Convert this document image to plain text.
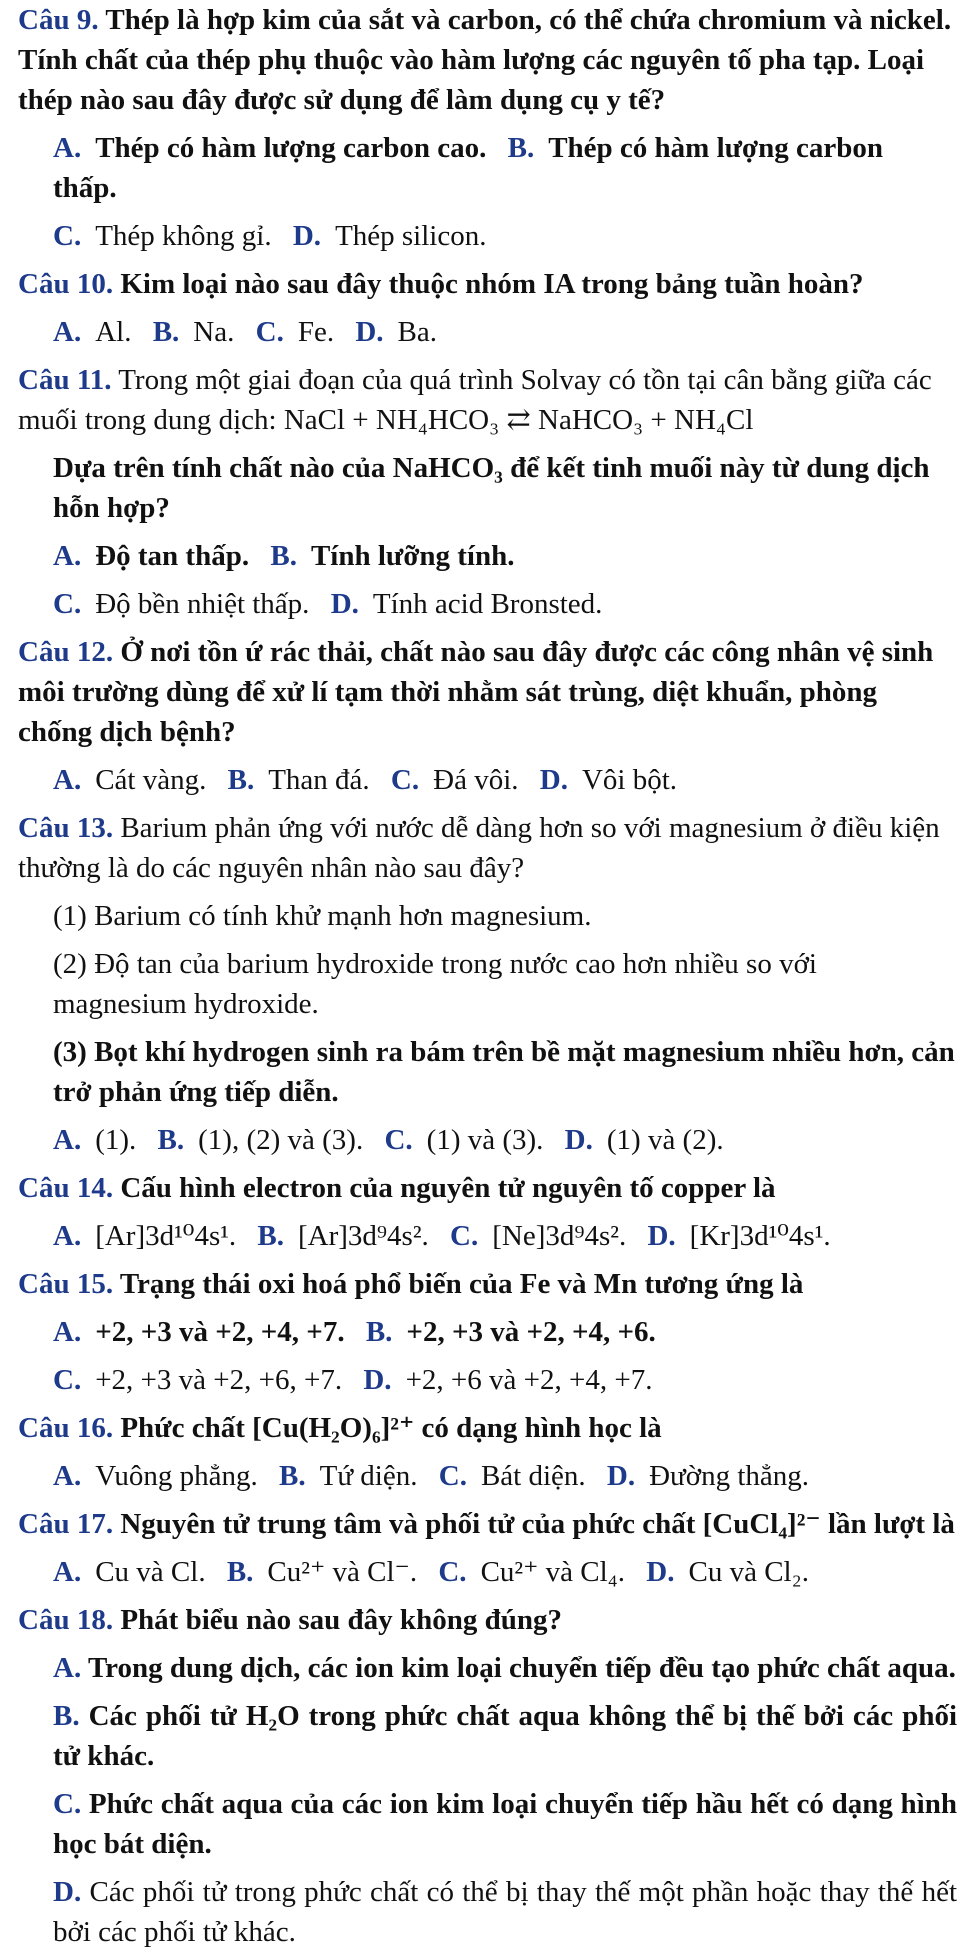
Câu 9. Thép là hợp kim của sắt và carbon, có thể chứa chromium và nickel. Tính chất của thép phụ thuộc vào hàm lượng các nguyên tố pha tạp. Loại thép nào sau đây được sử dụng để làm dụng cụ y tế?
A. Thép có hàm lượng carbon cao. B. Thép có hàm lượng carbon thấp.
C. Thép không gỉ. D. Thép silicon.
Câu 10. Kim loại nào sau đây thuộc nhóm IA trong bảng tuần hoàn?
A. Al. B. Na. C. Fe. D. Ba.
Câu 11. Trong một giai đoạn của quá trình Solvay có tồn tại cân bằng giữa các muối trong dung dịch: NaCl + NH₄HCO₃ ⇄ NaHCO₃ + NH₄Cl
Dựa trên tính chất nào của NaHCO₃ để kết tinh muối này từ dung dịch hỗn hợp?
A. Độ tan thấp. B. Tính lưỡng tính.
C. Độ bền nhiệt thấp. D. Tính acid Bronsted.
Câu 12. Ở nơi tồn ứ rác thải, chất nào sau đây được các công nhân vệ sinh môi trường dùng để xử lí tạm thời nhằm sát trùng, diệt khuẩn, phòng chống dịch bệnh?
A. Cát vàng. B. Than đá. C. Đá vôi. D. Vôi bột.
Câu 13. Barium phản ứng với nước dễ dàng hơn so với magnesium ở điều kiện thường là do các nguyên nhân nào sau đây?
(1) Barium có tính khử mạnh hơn magnesium.
(2) Độ tan của barium hydroxide trong nước cao hơn nhiều so với magnesium hydroxide.
(3) Bọt khí hydrogen sinh ra bám trên bề mặt magnesium nhiều hơn, cản trở phản ứng tiếp diễn.
A. (1). B. (1), (2) và (3). C. (1) và (3). D. (1) và (2).
Câu 14. Cấu hình electron của nguyên tử nguyên tố copper là
A. [Ar]3d¹⁰4s¹. B. [Ar]3d⁹4s². C. [Ne]3d⁹4s². D. [Kr]3d¹⁰4s¹.
Câu 15. Trạng thái oxi hoá phổ biến của Fe và Mn tương ứng là
A. +2, +3 và +2, +4, +7. B. +2, +3 và +2, +4, +6.
C. +2, +3 và +2, +6, +7. D. +2, +6 và +2, +4, +7.
Câu 16. Phức chất [Cu(H₂O)₆]²⁺ có dạng hình học là
A. Vuông phẳng. B. Tứ diện. C. Bát diện. D. Đường thẳng.
Câu 17. Nguyên tử trung tâm và phối tử của phức chất [CuCl₄]²⁻ lần lượt là
A. Cu và Cl. B. Cu²⁺ và Cl⁻. C. Cu²⁺ và Cl₄. D. Cu và Cl₂.
Câu 18. Phát biểu nào sau đây không đúng?
A. Trong dung dịch, các ion kim loại chuyển tiếp đều tạo phức chất aqua.
B. Các phối tử H₂O trong phức chất aqua không thể bị thế bởi các phối tử khác.
C. Phức chất aqua của các ion kim loại chuyển tiếp hầu hết có dạng hình học bát diện.
D. Các phối tử trong phức chất có thể bị thay thế một phần hoặc thay thế hết bởi các phối tử khác.
